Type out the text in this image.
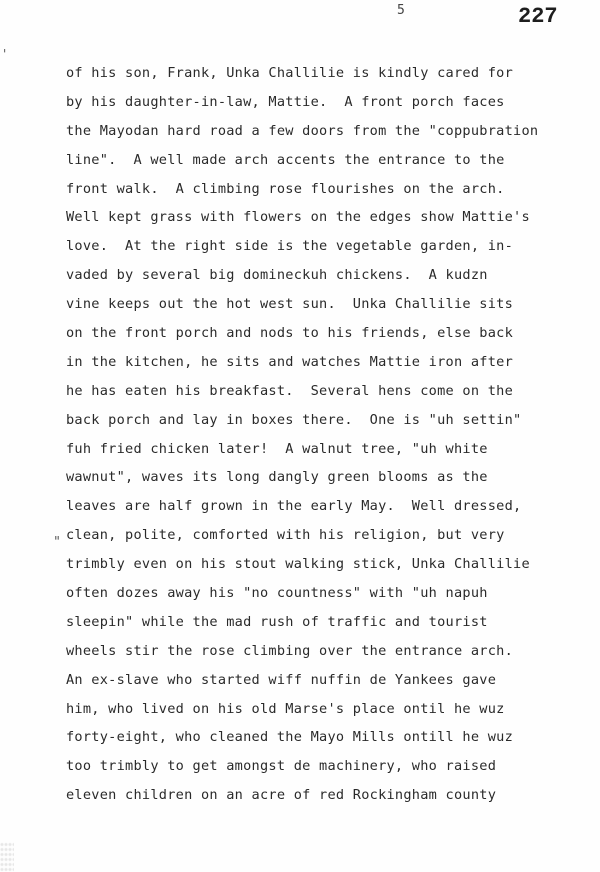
5	227
'
"
of his son, Frank, Unka Challilie is kindly cared for
by his daughter-in-law, Mattie.  A front porch faces
the Mayodan hard road a few doors from the "coppubration
line".  A well made arch accents the entrance to the
front walk.  A climbing rose flourishes on the arch.
Well kept grass with flowers on the edges show Mattie's
love.  At the right side is the vegetable garden, in-
vaded by several big domineckuh chickens.  A kudzn
vine keeps out the hot west sun.  Unka Challilie sits
on the front porch and nods to his friends, else back
in the kitchen, he sits and watches Mattie iron after
he has eaten his breakfast.  Several hens come on the
back porch and lay in boxes there.  One is "uh settin"
fuh fried chicken later!  A walnut tree, "uh white
wawnut", waves its long dangly green blooms as the
leaves are half grown in the early May.  Well dressed,
clean, polite, comforted with his religion, but very
trimbly even on his stout walking stick, Unka Challilie
often dozes away his "no countness" with "uh napuh
sleepin" while the mad rush of traffic and tourist
wheels stir the rose climbing over the entrance arch.
An ex-slave who started wiff nuffin de Yankees gave
him, who lived on his old Marse's place ontil he wuz
forty-eight, who cleaned the Mayo Mills ontill he wuz
too trimbly to get amongst de machinery, who raised
eleven children on an acre of red Rockingham county
